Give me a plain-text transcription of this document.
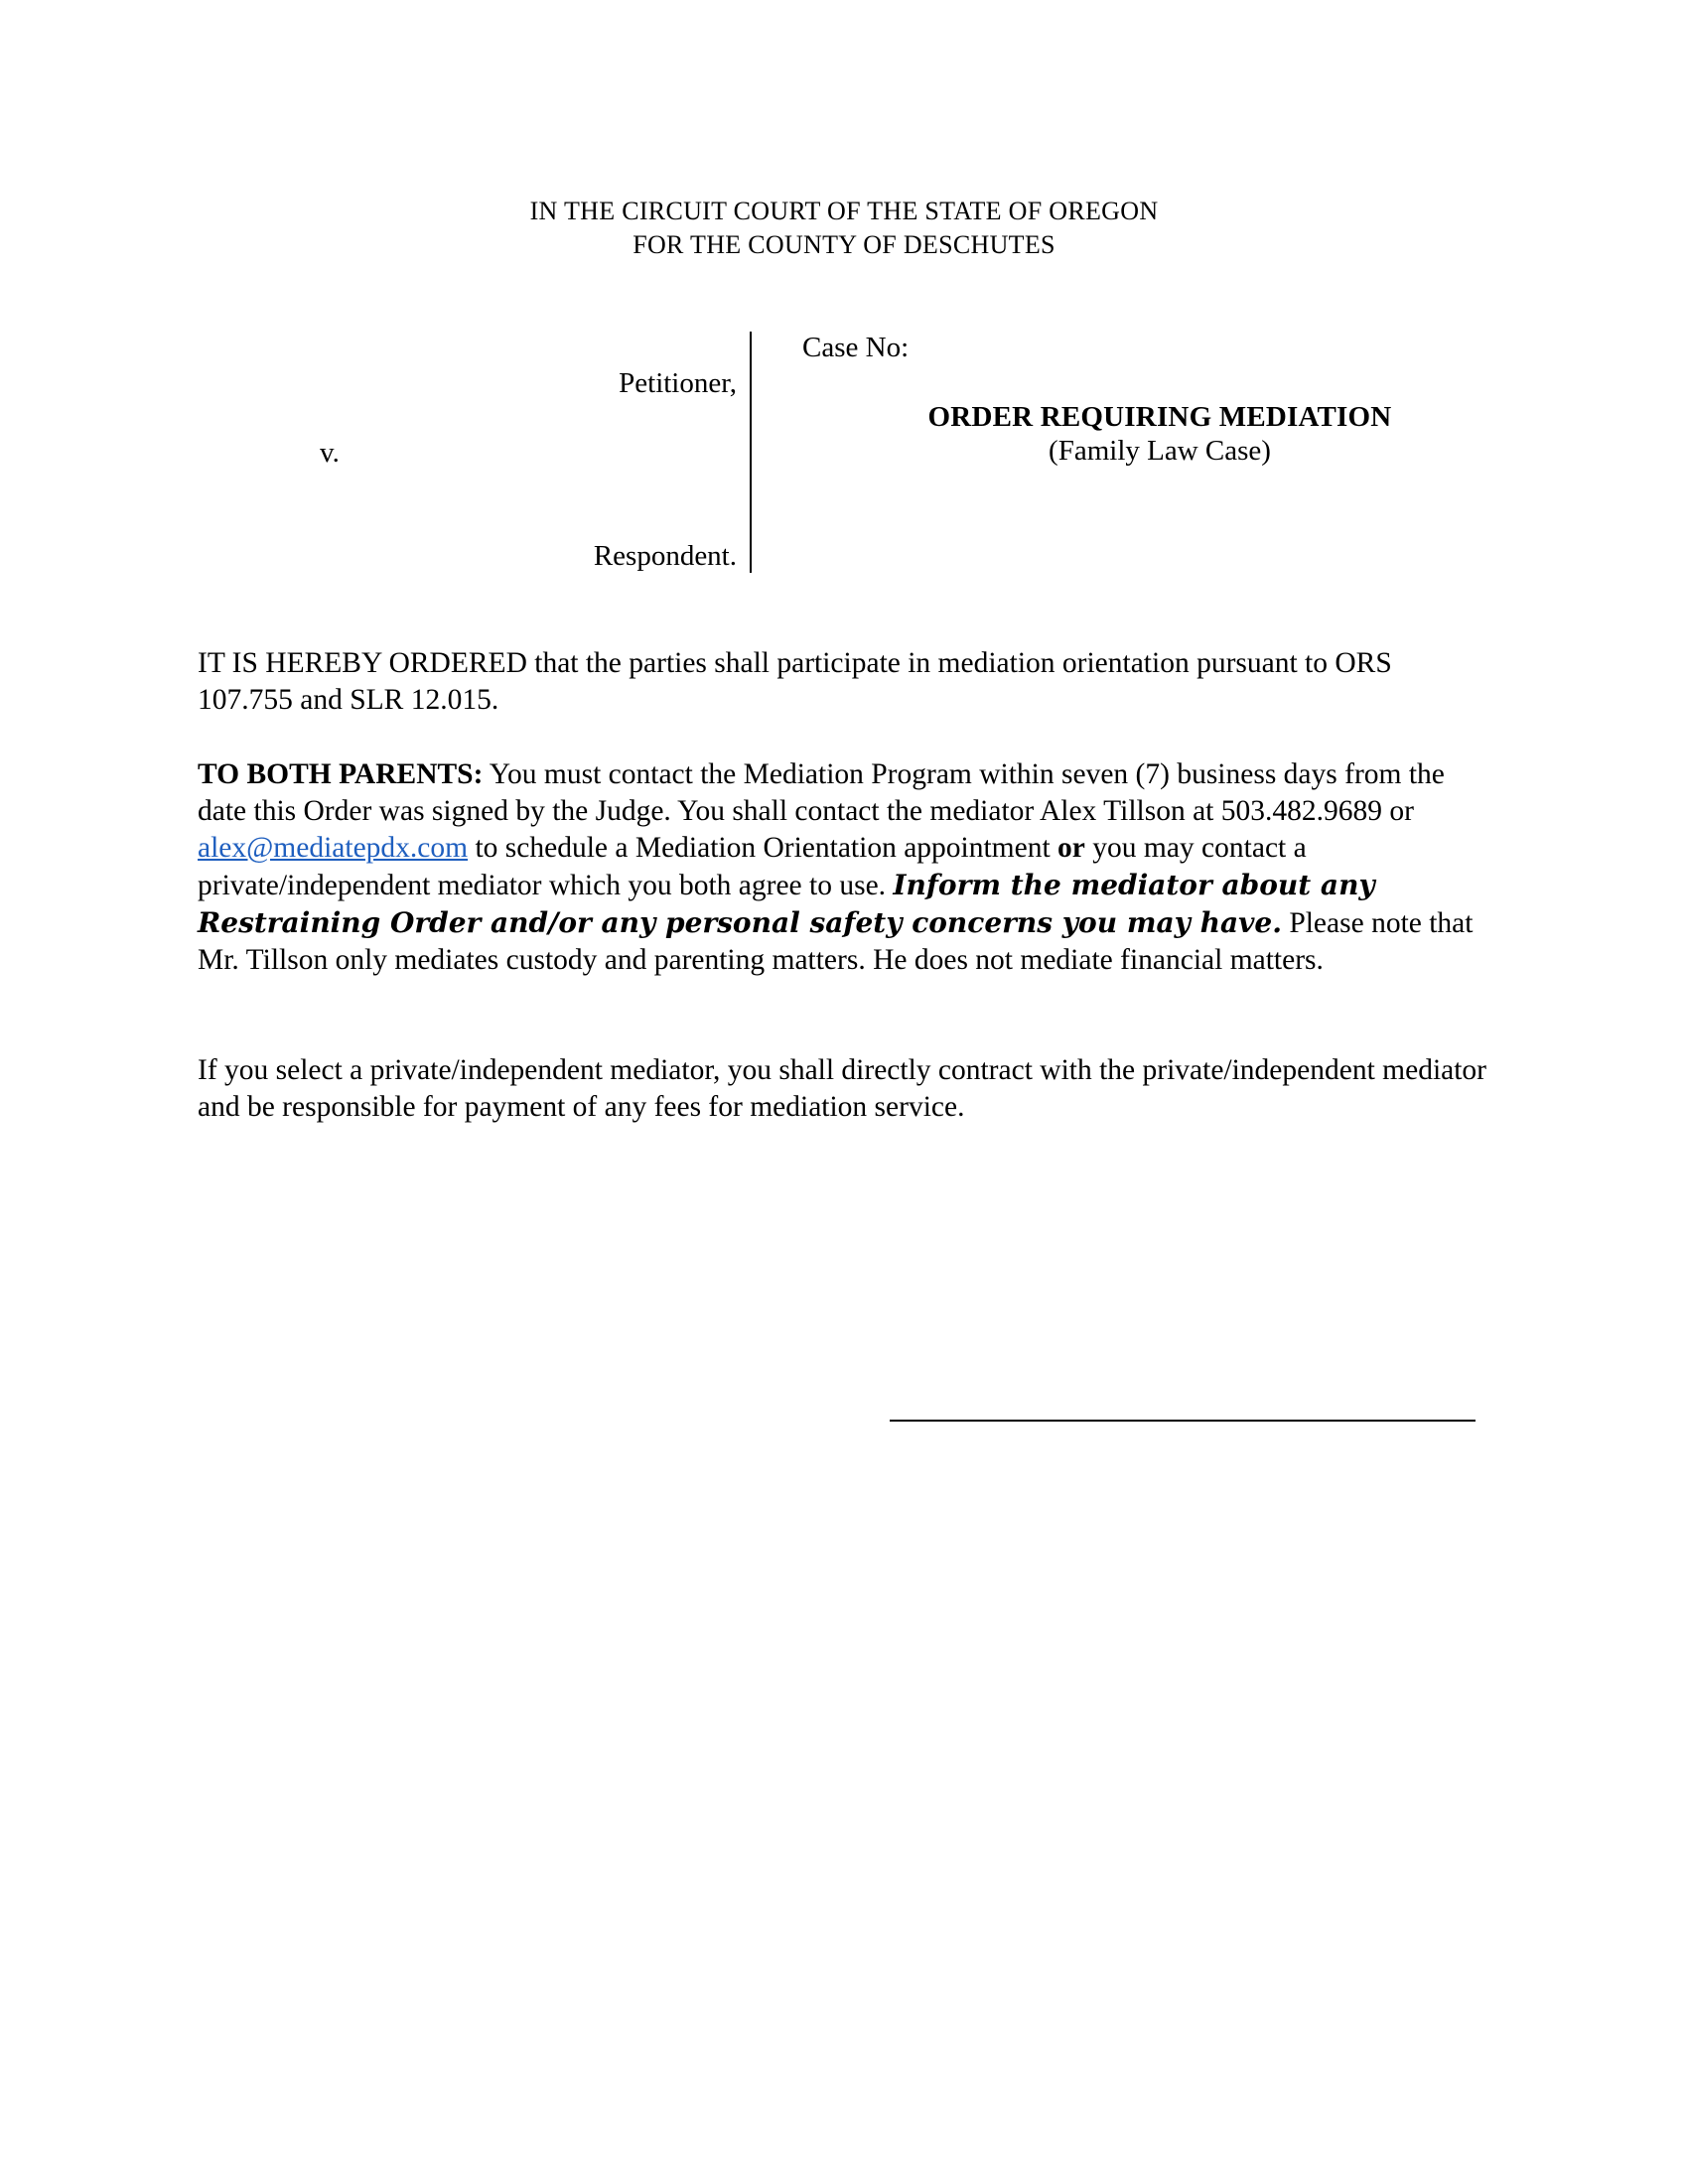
IN THE CIRCUIT COURT OF THE STATE OF OREGON
FOR THE COUNTY OF DESCHUTES
Petitioner,
v.
Respondent.
Case No:
ORDER REQUIRING MEDIATION
(Family Law Case)
IT IS HEREBY ORDERED that the parties shall participate in mediation orientation pursuant to ORS 107.755 and SLR 12.015.
TO BOTH PARENTS: You must contact the Mediation Program within seven (7) business days from the date this Order was signed by the Judge. You shall contact the mediator Alex Tillson at 503.482.9689 or alex@mediatepdx.com to schedule a Mediation Orientation appointment or you may contact a private/independent mediator which you both agree to use. Inform the mediator about any Restraining Order and/or any personal safety concerns you may have. Please note that Mr. Tillson only mediates custody and parenting matters. He does not mediate financial matters.
If you select a private/independent mediator, you shall directly contract with the private/independent mediator and be responsible for payment of any fees for mediation service.
